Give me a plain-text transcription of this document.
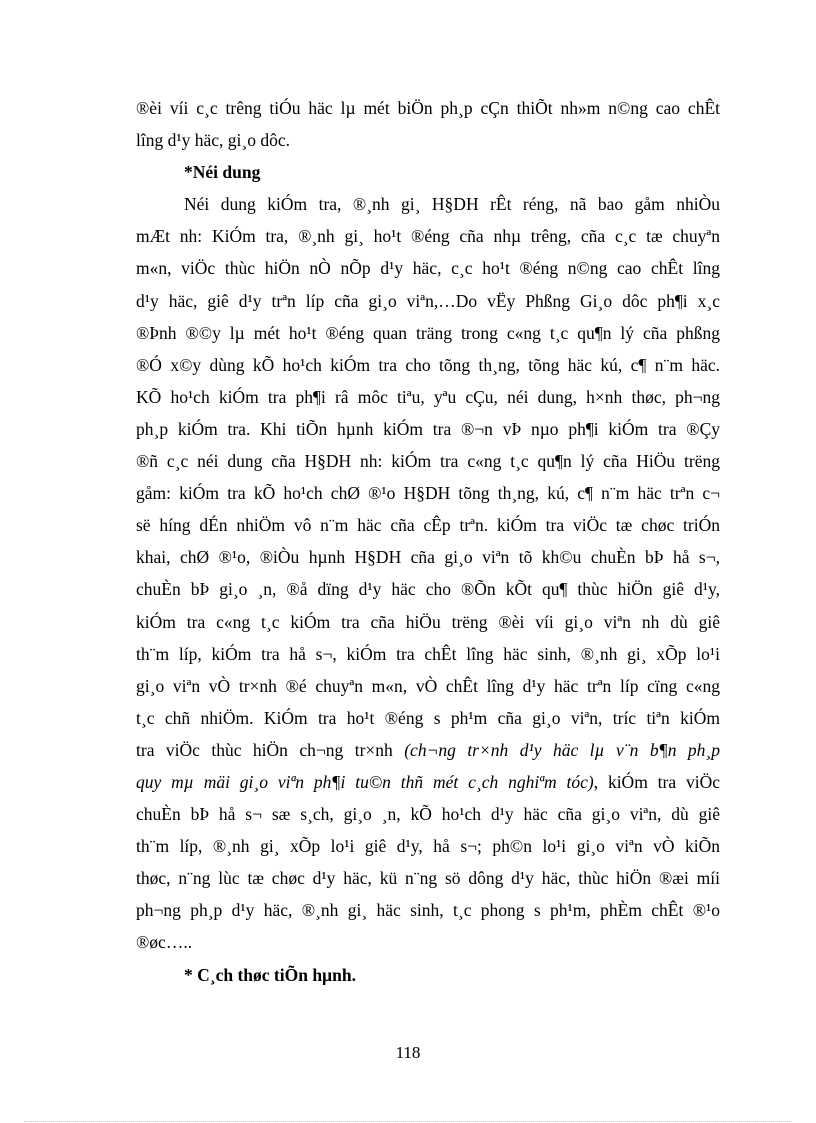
®èi víi c¸c trêng tiÓu häc lµ mét biÖn ph¸p cÇn thiÕt nh»m n©ng cao chÊt
lîng d¹y häc, gi¸o dôc.
*Néi dung
Néi dung kiÓm tra, ®¸nh gi¸ H§DH rÊt réng, nã bao gåm nhiÒu
mÆt nh: KiÓm tra, ®¸nh gi¸ ho¹t ®éng cña nhµ trêng, cña c¸c tæ chuyªn
m«n, viÖc thùc hiÖn nÒ nÕp d¹y häc, c¸c ho¹t ®éng n©ng cao chÊt lîng
d¹y häc, giê d¹y trªn líp cña gi¸o viªn,…Do vËy Phßng Gi¸o dôc ph¶i x¸c
®Þnh ®©y lµ mét ho¹t ®éng quan träng trong c«ng t¸c qu¶n lý cña phßng
®Ó x©y dùng kÕ ho¹ch kiÓm tra cho tõng th¸ng, tõng häc kú, c¶ n¨m häc.
KÕ ho¹ch kiÓm tra ph¶i râ môc tiªu, yªu cÇu, néi dung, h×nh thøc, ph¬ng
ph¸p kiÓm tra. Khi tiÕn hµnh kiÓm tra ®¬n vÞ nµo ph¶i kiÓm tra ®Çy
®ñ c¸c néi dung cña H§DH nh: kiÓm tra c«ng t¸c qu¶n lý cña HiÖu trëng
gåm: kiÓm tra kÕ ho¹ch chØ ®¹o H§DH tõng th¸ng, kú, c¶ n¨m häc trªn c¬
së híng dÉn nhiÖm vô n¨m häc cña cÊp trªn. kiÓm tra viÖc tæ chøc triÓn
khai, chØ ®¹o, ®iÒu hµnh H§DH cña gi¸o viªn tõ kh©u chuÈn bÞ hå s¬,
chuÈn bÞ gi¸o ¸n, ®å dïng d¹y häc cho ®Õn kÕt qu¶ thùc hiÖn giê d¹y,
kiÓm tra c«ng t¸c kiÓm tra cña hiÖu trëng ®èi víi gi¸o viªn nh dù giê
th¨m líp, kiÓm tra hå s¬, kiÓm tra chÊt lîng häc sinh, ®¸nh gi¸ xÕp lo¹i
gi¸o viªn vÒ tr×nh ®é chuyªn m«n, vÒ chÊt lîng d¹y häc trªn líp cïng c«ng
t¸c chñ nhiÖm. KiÓm tra ho¹t ®éng s ph¹m cña gi¸o viªn, tríc tiªn kiÓm
tra viÖc thùc hiÖn ch¬ng tr×nh (ch¬ng tr×nh d¹y häc lµ v¨n b¶n ph¸p
quy mµ mäi gi¸o viªn ph¶i tu©n thñ mét c¸ch nghiªm tóc), kiÓm tra viÖc
chuÈn bÞ hå s¬ sæ s¸ch, gi¸o ¸n, kÕ ho¹ch d¹y häc cña gi¸o viªn, dù giê
th¨m líp, ®¸nh gi¸ xÕp lo¹i giê d¹y, hå s¬; ph©n lo¹i gi¸o viªn vÒ kiÕn
thøc, n¨ng lùc tæ chøc d¹y häc, kü n¨ng sö dông d¹y häc, thùc hiÖn ®æi míi
ph¬ng ph¸p d¹y häc, ®¸nh gi¸ häc sinh, t¸c phong s ph¹m, phÈm chÊt ®¹o
®øc…..
* C¸ch thøc tiÕn hµnh.
118
